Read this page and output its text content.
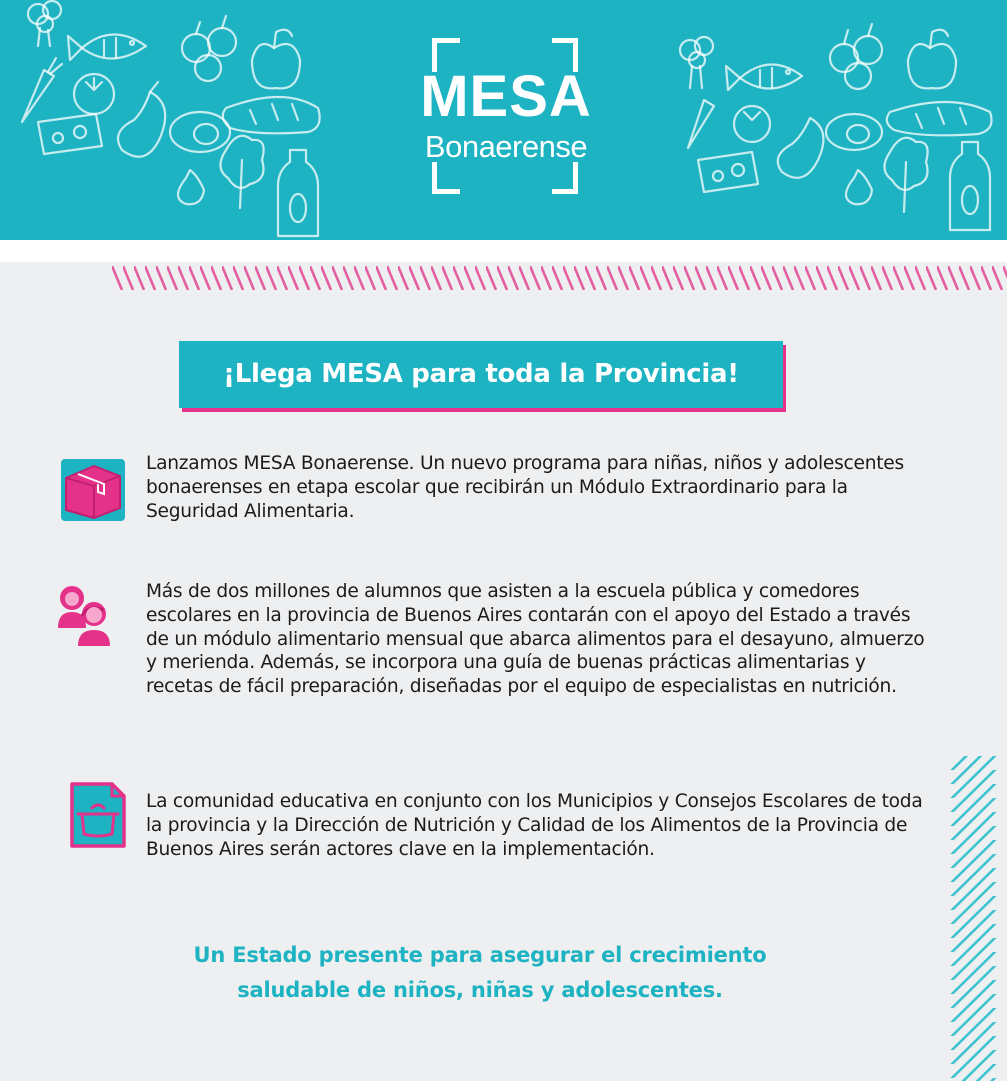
MESA
Bonaerense
¡Llega MESA para toda la Provincia!
Lanzamos MESA Bonaerense. Un nuevo programa para niñas, niños y adolescentes bonaerenses en etapa escolar que recibirán un Módulo Extraordinario para la Seguridad Alimentaria.
Más de dos millones de alumnos que asisten a la escuela pública y comedores escolares en la provincia de Buenos Aires contarán con el apoyo del Estado a través de un módulo alimentario mensual que abarca alimentos para el desayuno, almuerzo y merienda. Además, se incorpora una guía de buenas prácticas alimentarias y recetas de fácil preparación, diseñadas por el equipo de especialistas en nutrición.
La comunidad educativa en conjunto con los Municipios y Consejos Escolares de toda la provincia y la Dirección de Nutrición y Calidad de los Alimentos de la Provincia de Buenos Aires serán actores clave en la implementación.
Un Estado presente para asegurar el crecimiento
saludable de niños, niñas y adolescentes.
